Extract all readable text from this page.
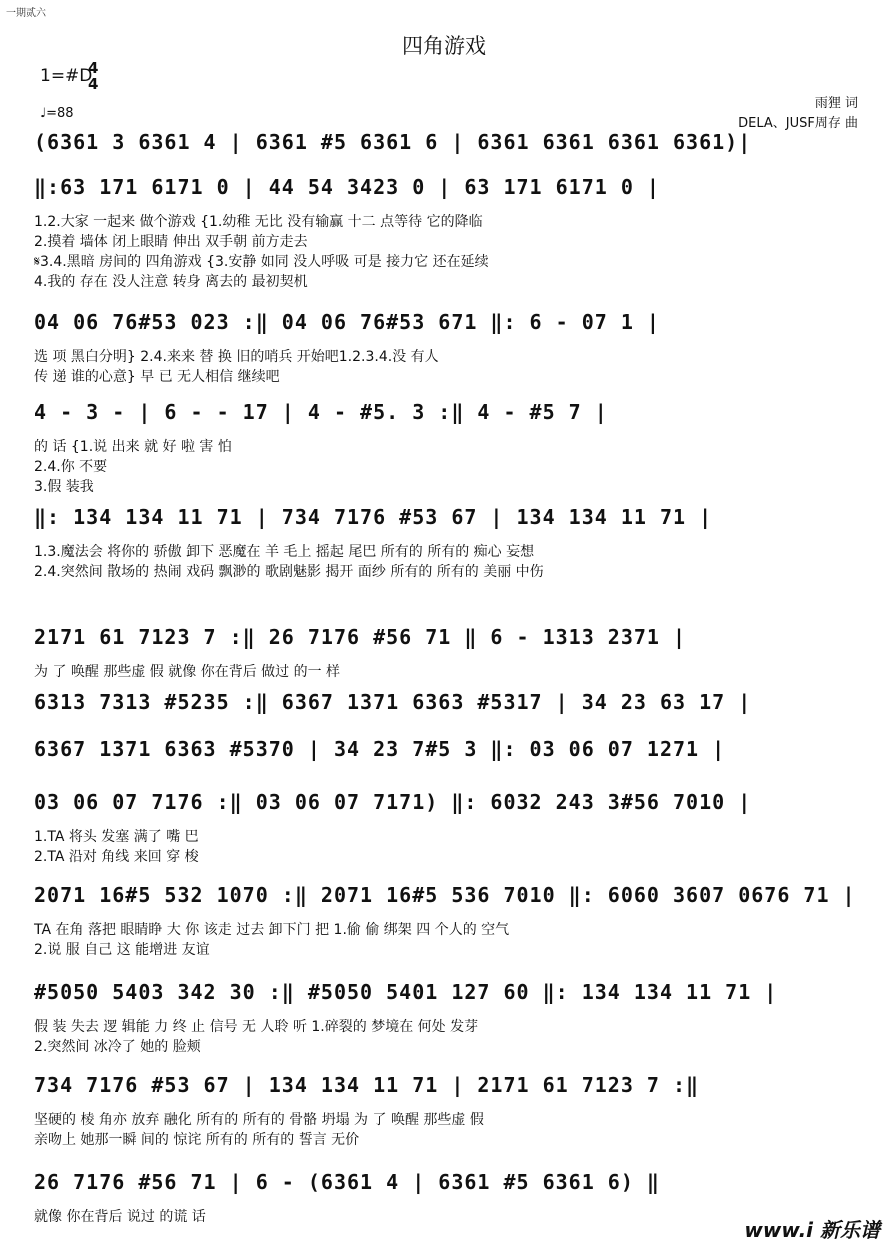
一期贰六
四角游戏
1=#D
4
4
♩=88
雨狸 词
DELA、JUSF周存 曲
(6361 3 6361 4 | 6361 #5 6361 6 | 6361 6361 6361 6361)|
‖:63 171 6171 0 | 44 54 3423 0 | 63 171 6171 0 |
1.2.大家 一起来 做个游戏 {1.幼稚 无比 没有输赢 十二 点等待 它的降临
2.摸着 墙体 闭上眼睛 伸出 双手朝 前方走去
𝄋3.4.黑暗 房间的 四角游戏 {3.安静 如同 没人呼吸 可是 接力它 还在延续
4.我的 存在 没人注意 转身 离去的 最初契机
04 06 76#53 023 :‖ 04 06 76#53 671 ‖: 6 - 07 1 |
选 项 黑白分明} 2.4.来来 替 换 旧的哨兵 开始吧1.2.3.4.没 有人
传 递 谁的心意} 早 已 无人相信 继续吧
4 - 3 - | 6 - - 17 | 4 - #5. 3 :‖ 4 - #5 7 |
的 话 {1.说 出来 就 好 啦 害 怕
2.4.你 不要
3.假 装我
‖: 134 134 11 71 | 734 7176 #53 67 | 134 134 11 71 |
1.3.魔法会 将你的 骄傲 卸下 恶魔在 羊 毛上 摇起 尾巴 所有的 所有的 痴心 妄想
2.4.突然间 散场的 热闹 戏码 飘渺的 歌剧魅影 揭开 面纱 所有的 所有的 美丽 中伤
2171 61 7123 7 :‖ 26 7176 #56 71 ‖ 6 - 1313 2371 |
为 了 唤醒 那些虚 假 就像 你在背后 做过 的一 样
6313 7313 #5235 :‖ 6367 1371 6363 #5317 | 34 23 63 17 |
6367 1371 6363 #5370 | 34 23 7#5 3 ‖: 03 06 07 1271 |
03 06 07 7176 :‖ 03 06 07 7171) ‖: 6032 243 3#56 7010 |
1.TA 将头 发塞 满了 嘴 巴
2.TA 沿对 角线 来回 穿 梭
2071 16#5 532 1070 :‖ 2071 16#5 536 7010 ‖: 6060 3607 0676 71 |
TA 在角 落把 眼睛睁 大 你 该走 过去 卸下门 把 1.偷 偷 绑架 四 个人的 空气
2.说 服 自己 这 能增进 友谊
#5050 5403 342 30 :‖ #5050 5401 127 60 ‖: 134 134 11 71 |
假 装 失去 逻 辑能 力 终 止 信号 无 人聆 听 1.碎裂的 梦境在 何处 发芽
2.突然间 冰冷了 她的 脸颊
734 7176 #53 67 | 134 134 11 71 | 2171 61 7123 7 :‖
坚硬的 棱 角亦 放弃 融化 所有的 所有的 骨骼 坍塌 为 了 唤醒 那些虚 假
亲吻上 她那一瞬 间的 惊诧 所有的 所有的 誓言 无价
26 7176 #56 71 | 6 - (6361 4 | 6361 #5 6361 6) ‖
就像 你在背后 说过 的谎 话
www.i 新乐谱
